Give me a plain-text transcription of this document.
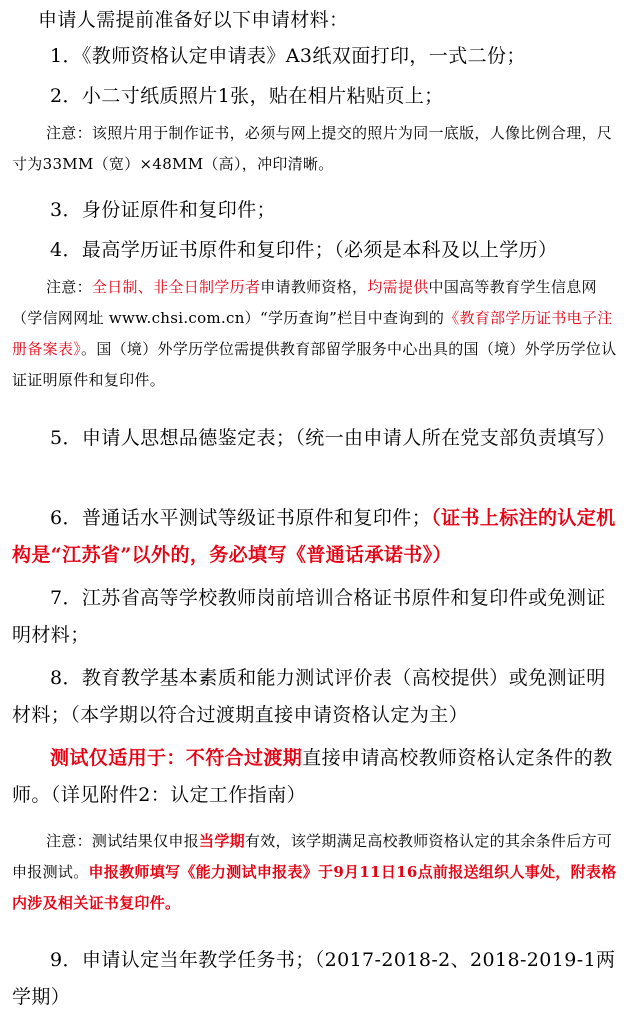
申请人需提前准备好以下申请材料：

1．《教师资格认定申请表》A3纸双面打印，一式二份；

2．小二寸纸质照片1张，贴在相片粘贴页上；

注意：该照片用于制作证书，必须与网上提交的照片为同一底版，人像比例合理，尺寸为33MM（宽）×48MM（高），冲印清晰。

3．身份证原件和复印件；

4．最高学历证书原件和复印件；（必须是本科及以上学历）

注意：全日制、非全日制学历者申请教师资格，均需提供中国高等教育学生信息网（学信网网址 www.chsi.com.cn）“学历查询”栏目中查询到的《教育部学历证书电子注册备案表》。国（境）外学历学位需提供教育部留学服务中心出具的国（境）外学历学位认证证明原件和复印件。

5．申请人思想品德鉴定表；（统一由申请人所在党支部负责填写）

6．普通话水平测试等级证书原件和复印件；（证书上标注的认定机构是“江苏省”以外的，务必填写《普通话承诺书》）

7．江苏省高等学校教师岗前培训合格证书原件和复印件或免测证明材料；

8．教育教学基本素质和能力测试评价表（高校提供）或免测证明材料；（本学期以符合过渡期直接申请资格认定为主）

测试仅适用于：不符合过渡期直接申请高校教师资格认定条件的教师。（详见附件2：认定工作指南）

注意：测试结果仅申报当学期有效，该学期满足高校教师资格认定的其余条件后方可申报测试。申报教师填写《能力测试申报表》于9月11日16点前报送组织人事处，附表格内涉及相关证书复印件。

9．申请认定当年教学任务书；（2017-2018-2、2018-2019-1两学期）
